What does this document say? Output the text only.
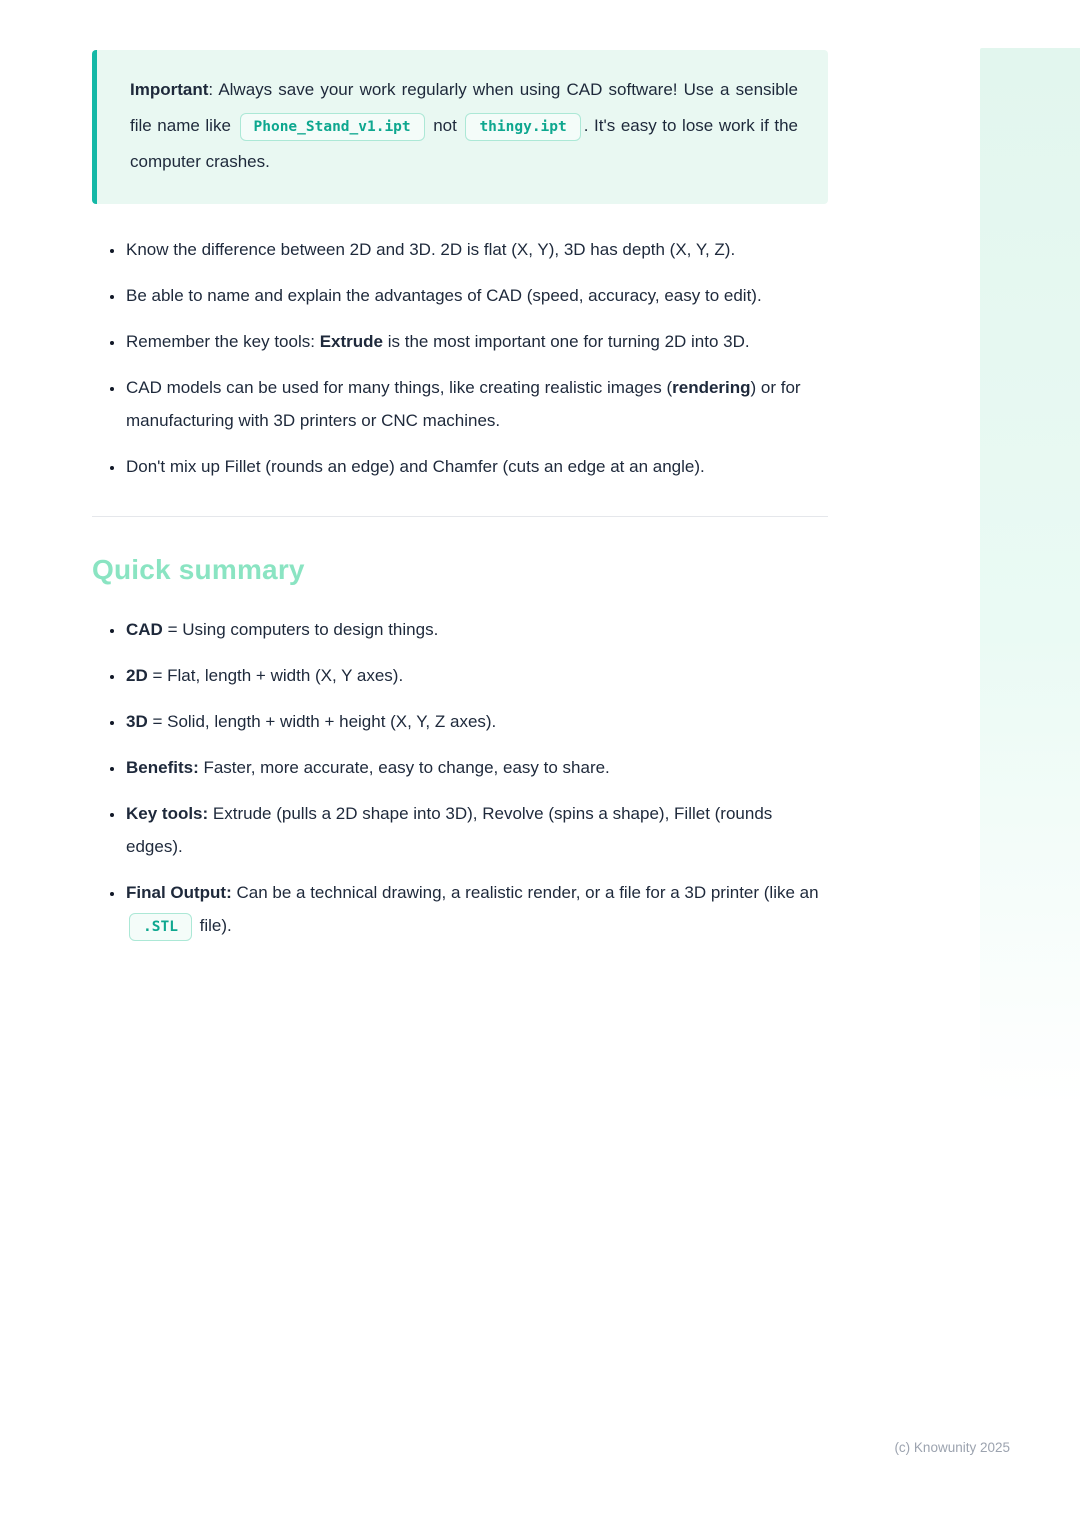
Important: Always save your work regularly when using CAD software! Use a sensible file name like Phone_Stand_v1.ipt not thingy.ipt . It's easy to lose work if the computer crashes.

• Know the difference between 2D and 3D. 2D is flat (X, Y), 3D has depth (X, Y, Z).
• Be able to name and explain the advantages of CAD (speed, accuracy, easy to edit).
• Remember the key tools: Extrude is the most important one for turning 2D into 3D.
• CAD models can be used for many things, like creating realistic images (rendering) or for manufacturing with 3D printers or CNC machines.
• Don't mix up Fillet (rounds an edge) and Chamfer (cuts an edge at an angle).
Quick summary
• CAD = Using computers to design things.
• 2D = Flat, length + width (X, Y axes).
• 3D = Solid, length + width + height (X, Y, Z axes).
• Benefits: Faster, more accurate, easy to change, easy to share.
• Key tools: Extrude (pulls a 2D shape into 3D), Revolve (spins a shape), Fillet (rounds edges).
• Final Output: Can be a technical drawing, a realistic render, or a file for a 3D printer (like an .STL file).
(c) Knowunity 2025
